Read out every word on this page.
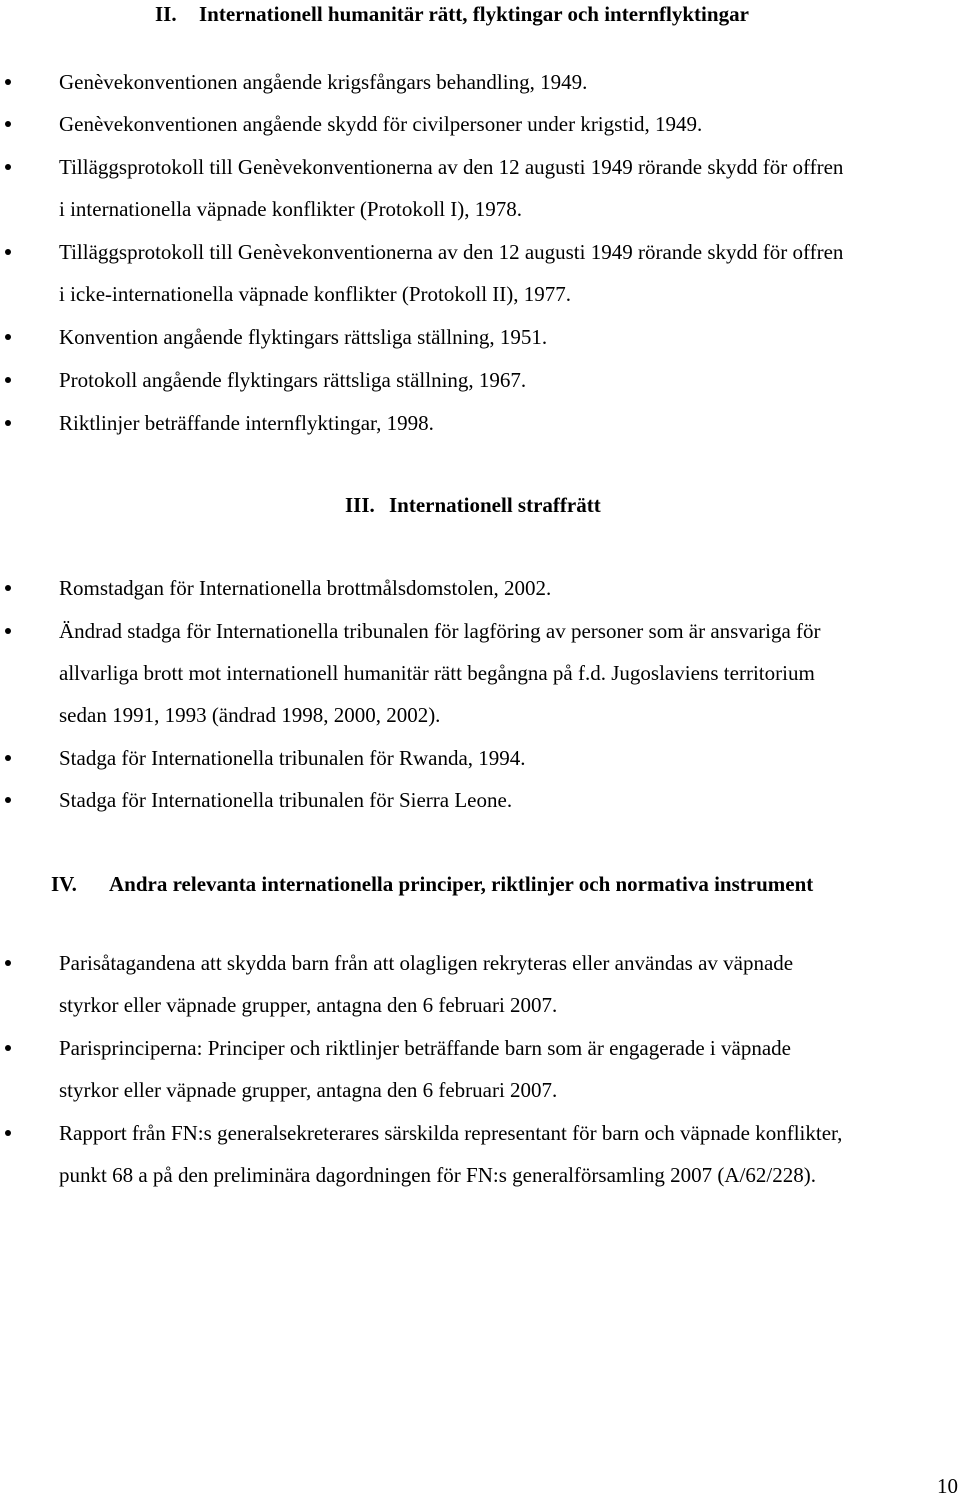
II. Internationell humanitär rätt, flyktingar och internflyktingar
Genèvekonventionen angående krigsfångars behandling, 1949.
Genèvekonventionen angående skydd för civilpersoner under krigstid, 1949.
Tilläggsprotokoll till Genèvekonventionerna av den 12 augusti 1949 rörande skydd för offren
i internationella väpnade konflikter (Protokoll I), 1978.
Tilläggsprotokoll till Genèvekonventionerna av den 12 augusti 1949 rörande skydd för offren
i icke-internationella väpnade konflikter (Protokoll II), 1977.
Konvention angående flyktingars rättsliga ställning, 1951.
Protokoll angående flyktingars rättsliga ställning, 1967.
Riktlinjer beträffande internflyktingar, 1998.
III. Internationell straffrätt
Romstadgan för Internationella brottmålsdomstolen, 2002.
Ändrad stadga för Internationella tribunalen för lagföring av personer som är ansvariga för
allvarliga brott mot internationell humanitär rätt begångna på f.d. Jugoslaviens territorium
sedan 1991, 1993 (ändrad 1998, 2000, 2002).
Stadga för Internationella tribunalen för Rwanda, 1994.
Stadga för Internationella tribunalen för Sierra Leone.
IV. Andra relevanta internationella principer, riktlinjer och normativa instrument
Parisåtagandena att skydda barn från att olagligen rekryteras eller användas av väpnade
styrkor eller väpnade grupper, antagna den 6 februari 2007.
Parisprinciperna: Principer och riktlinjer beträffande barn som är engagerade i väpnade
styrkor eller väpnade grupper, antagna den 6 februari 2007.
Rapport från FN:s generalsekreterares särskilda representant för barn och väpnade konflikter,
punkt 68 a på den preliminära dagordningen för FN:s generalförsamling 2007 (A/62/228).
10
